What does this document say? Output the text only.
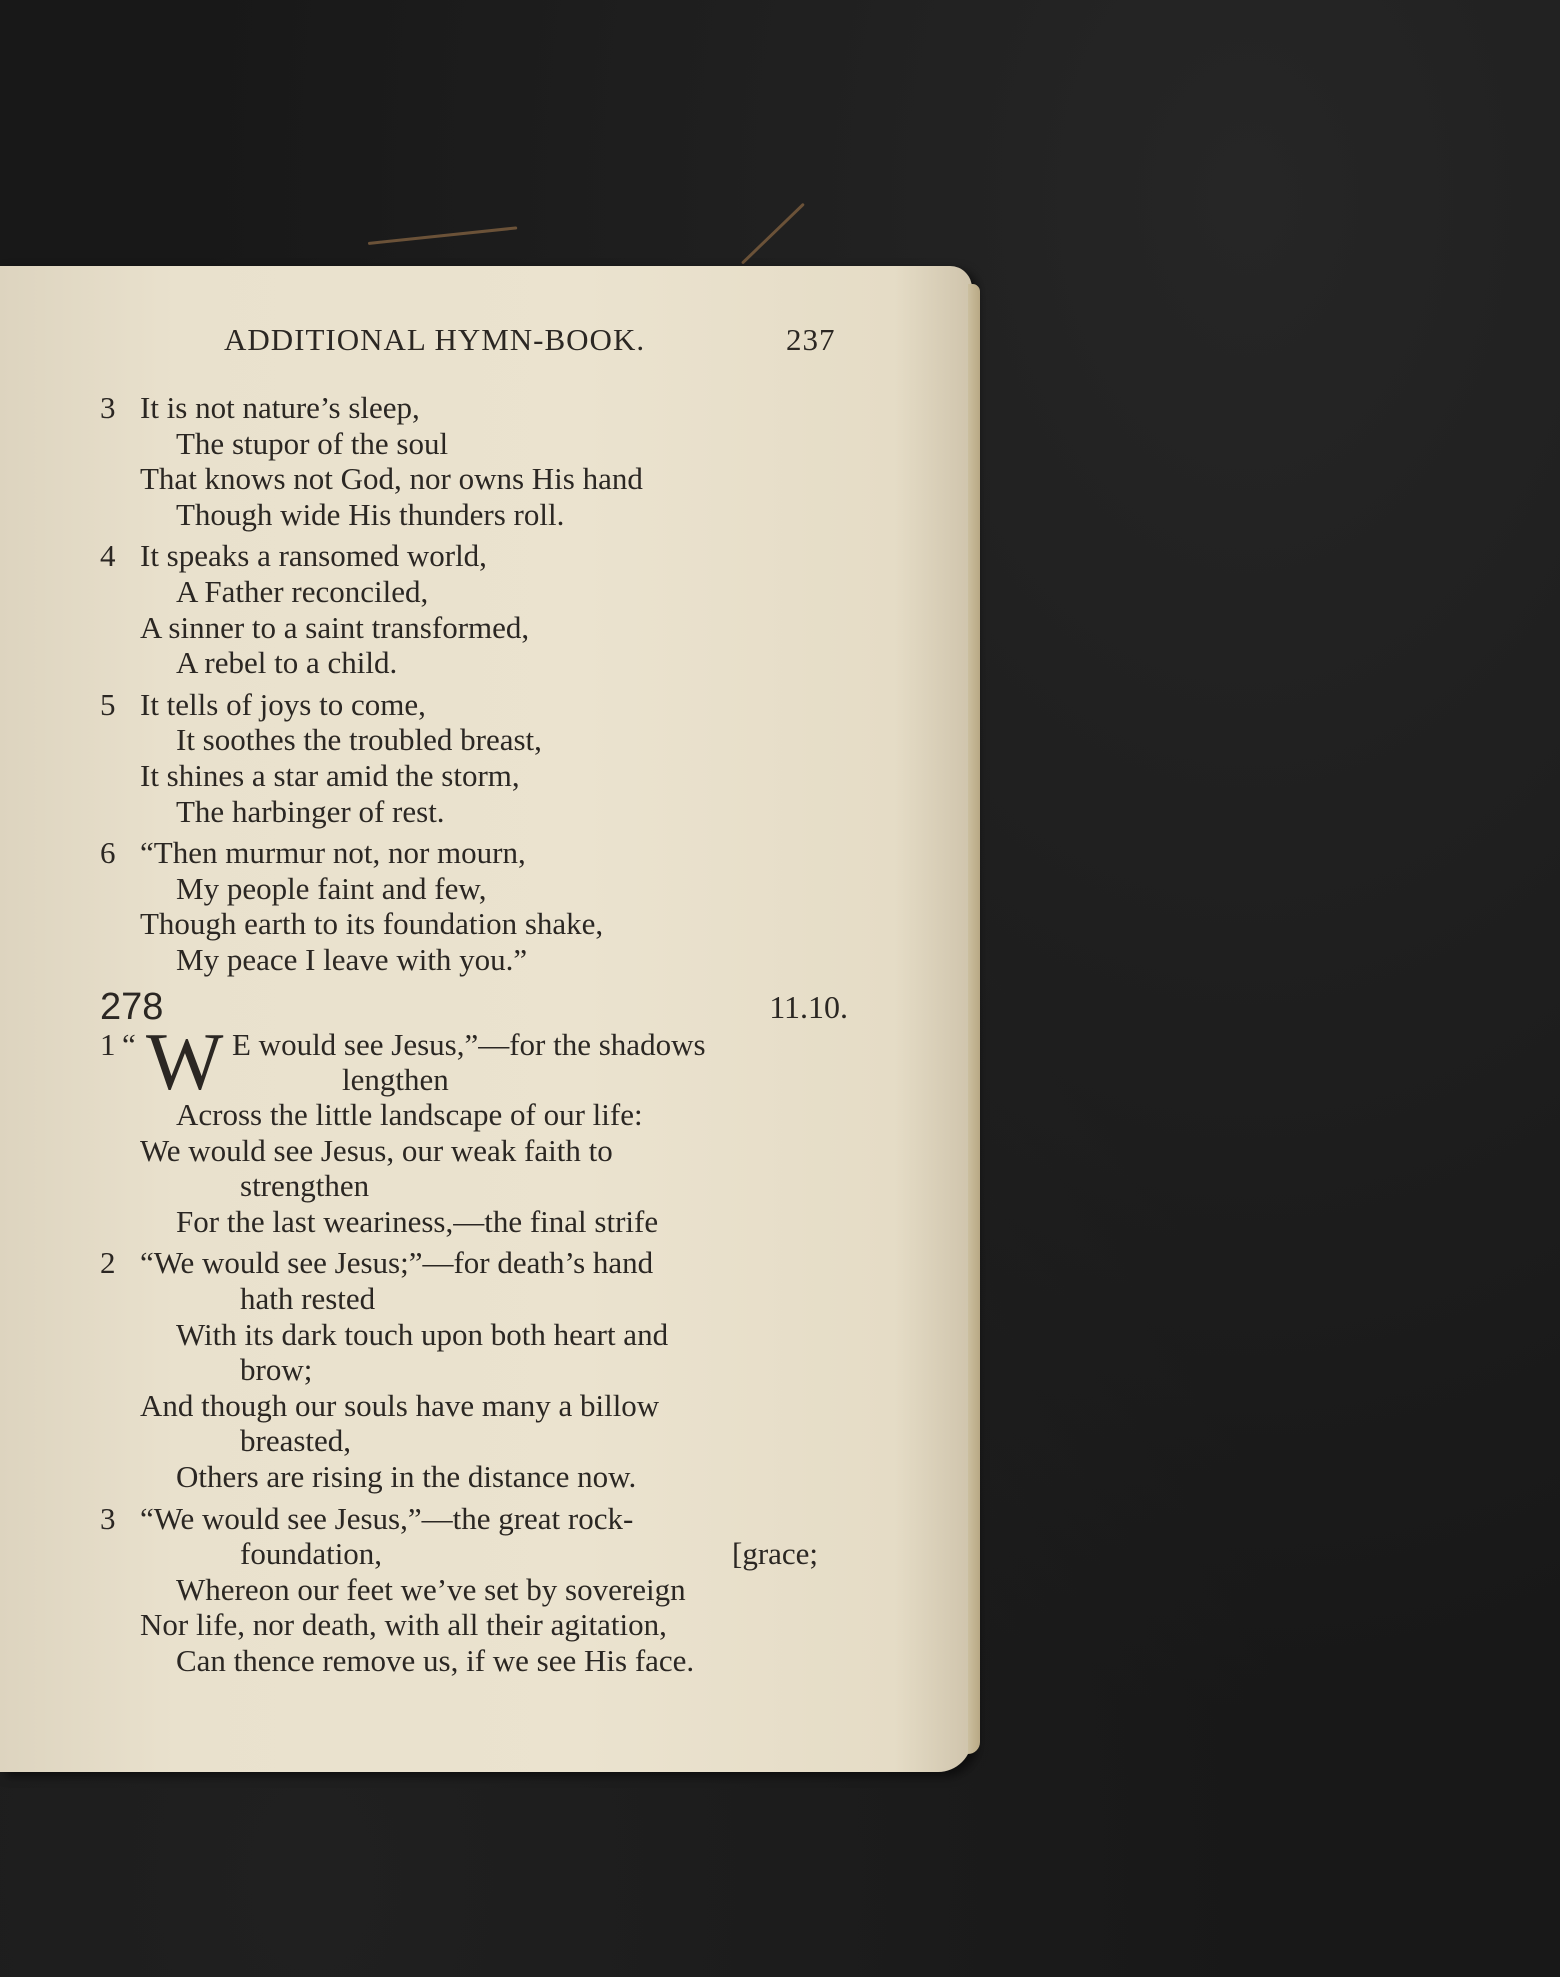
ADDITIONAL HYMN-BOOK.	237
3 It is not nature’s sleep,
The stupor of the soul
That knows not God, nor owns His hand
Though wide His thunders roll.
4 It speaks a ransomed world,
A Father reconciled,
A sinner to a saint transformed,
A rebel to a child.
5 It tells of joys to come,
It soothes the troubled breast,
It shines a star amid the storm,
The harbinger of rest.
6 “Then murmur not, nor mourn,
My people faint and few,
Though earth to its foundation shake,
My peace I leave with you.”
278	11.10.
1 “ W E would see Jesus,”—for the shadows
lengthen
Across the little landscape of our life:
We would see Jesus, our weak faith to
strengthen
For the last weariness,—the final strife
2 “We would see Jesus;”—for death’s hand
hath rested
With its dark touch upon both heart and
brow;
And though our souls have many a billow
breasted,
Others are rising in the distance now.
3 “We would see Jesus,”—the great rock-
foundation,	[grace;
Whereon our feet we’ve set by sovereign
Nor life, nor death, with all their agitation,
Can thence remove us, if we see His face.
